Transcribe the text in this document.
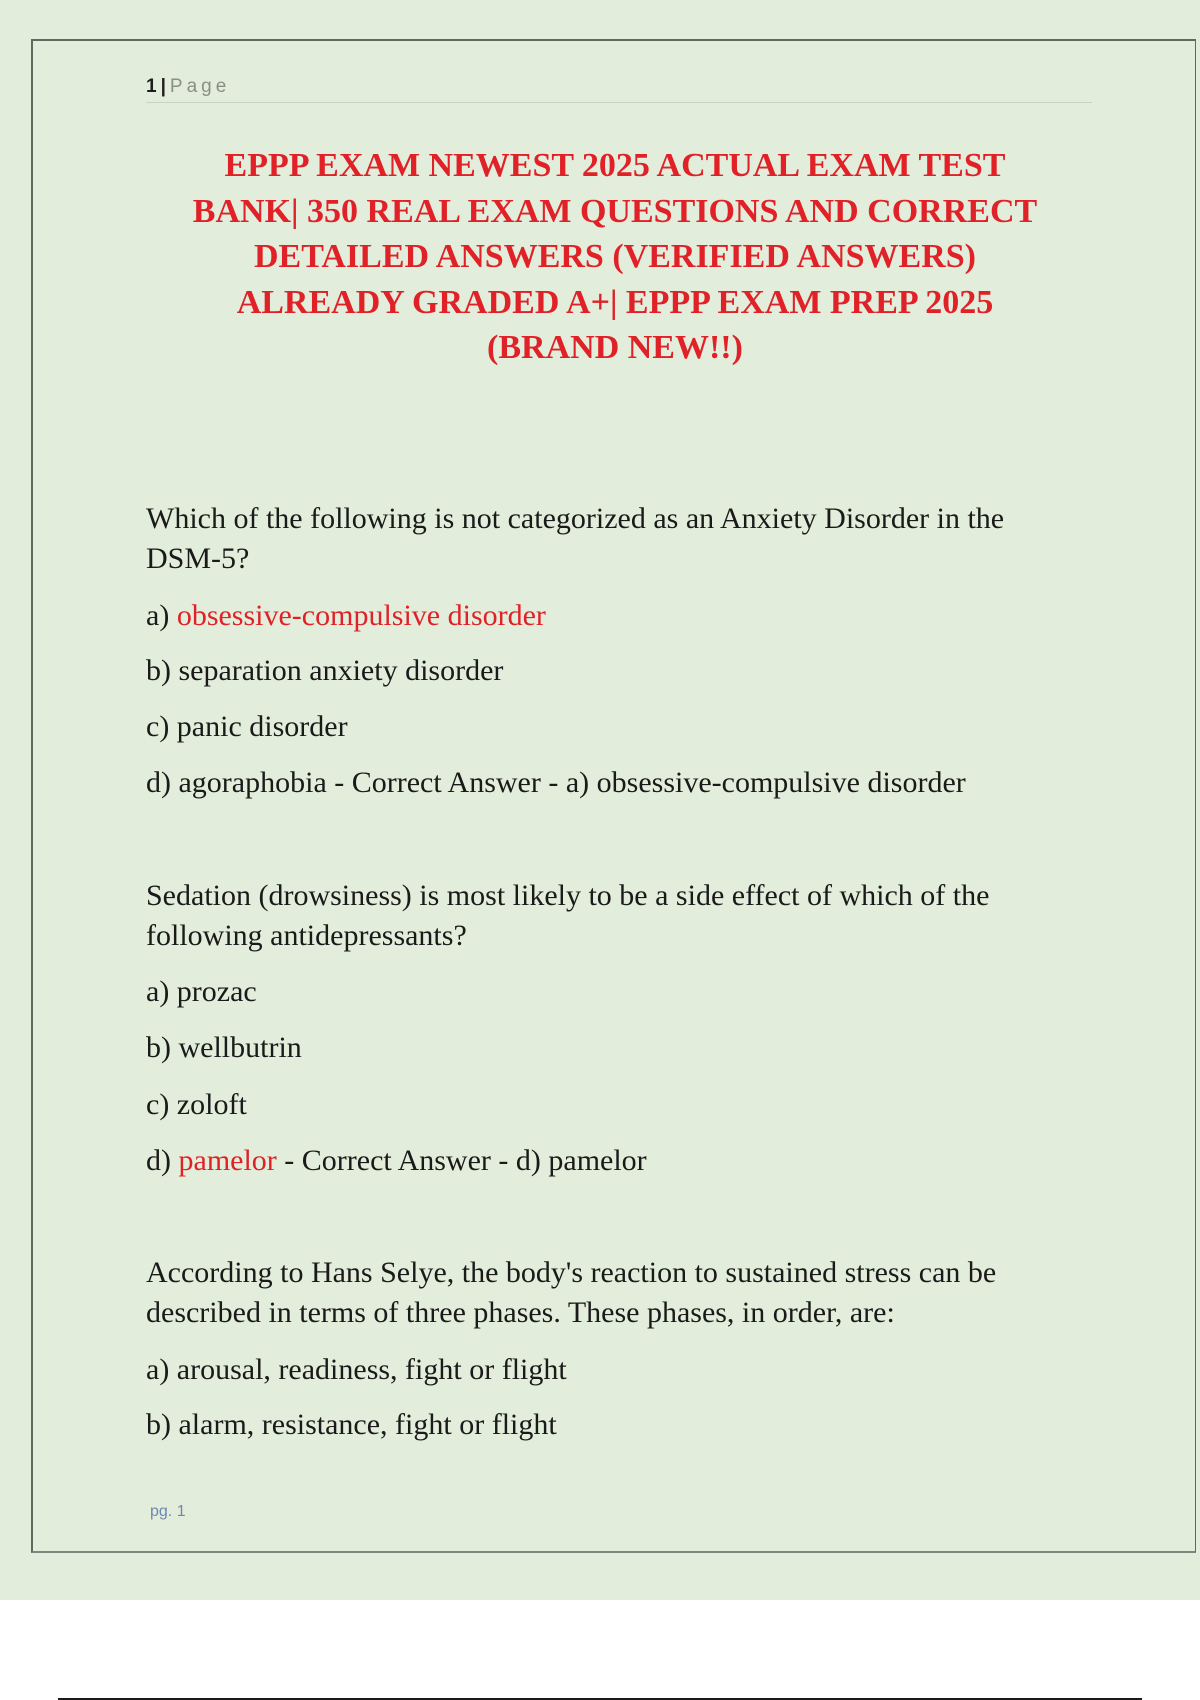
1 | Page
EPPP EXAM NEWEST 2025 ACTUAL EXAM TEST
BANK| 350 REAL EXAM QUESTIONS AND CORRECT
DETAILED ANSWERS (VERIFIED ANSWERS)
ALREADY GRADED A+| EPPP EXAM PREP 2025
(BRAND NEW!!)
Which of the following is not categorized as an Anxiety Disorder in the
DSM-5?
a) obsessive-compulsive disorder
b) separation anxiety disorder
c) panic disorder
d) agoraphobia - Correct Answer - a) obsessive-compulsive disorder
Sedation (drowsiness) is most likely to be a side effect of which of the
following antidepressants?
a) prozac
b) wellbutrin
c) zoloft
d) pamelor - Correct Answer - d) pamelor
According to Hans Selye, the body's reaction to sustained stress can be
described in terms of three phases. These phases, in order, are:
a) arousal, readiness, fight or flight
b) alarm, resistance, fight or flight
pg. 1
